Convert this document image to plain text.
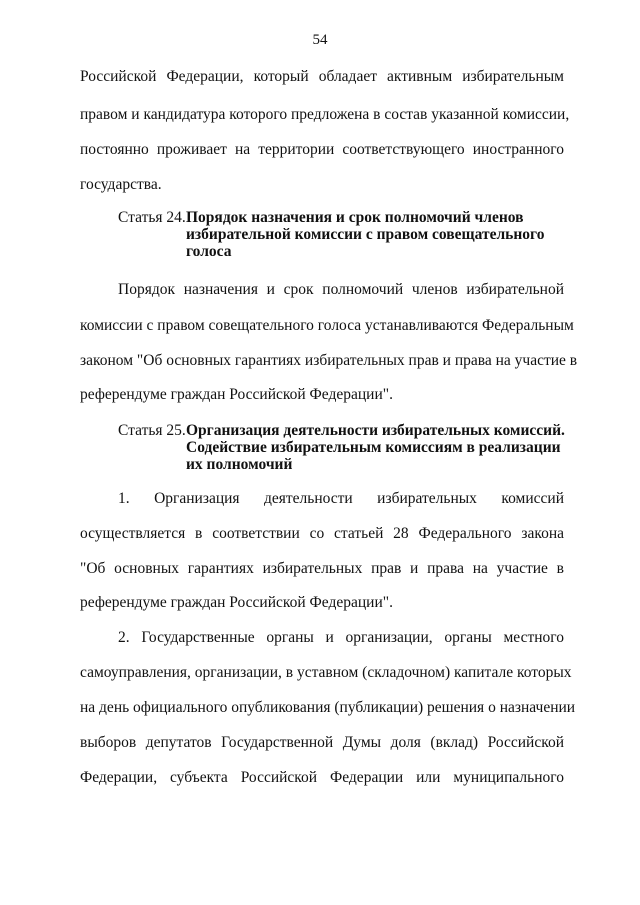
54
Российской Федерации, который обладает активным избирательным
правом и кандидатура которого предложена в состав указанной комиссии,
постоянно проживает на территории соответствующего иностранного
государства.
Статья 24. Порядок назначения и срок полномочий членов
избирательной комиссии с правом совещательного
голоса
Порядок назначения и срок полномочий членов избирательной
комиссии с правом совещательного голоса устанавливаются Федеральным
законом "Об основных гарантиях избирательных прав и права на участие в
референдуме граждан Российской Федерации".
Статья 25. Организация деятельности избирательных комиссий.
Содействие избирательным комиссиям в реализации
их полномочий
1. Организация деятельности избирательных комиссий
осуществляется в соответствии со статьей 28 Федерального закона
"Об основных гарантиях избирательных прав и права на участие в
референдуме граждан Российской Федерации".
2. Государственные органы и организации, органы местного
самоуправления, организации, в уставном (складочном) капитале которых
на день официального опубликования (публикации) решения о назначении
выборов депутатов Государственной Думы доля (вклад) Российской
Федерации, субъекта Российской Федерации или муниципального
